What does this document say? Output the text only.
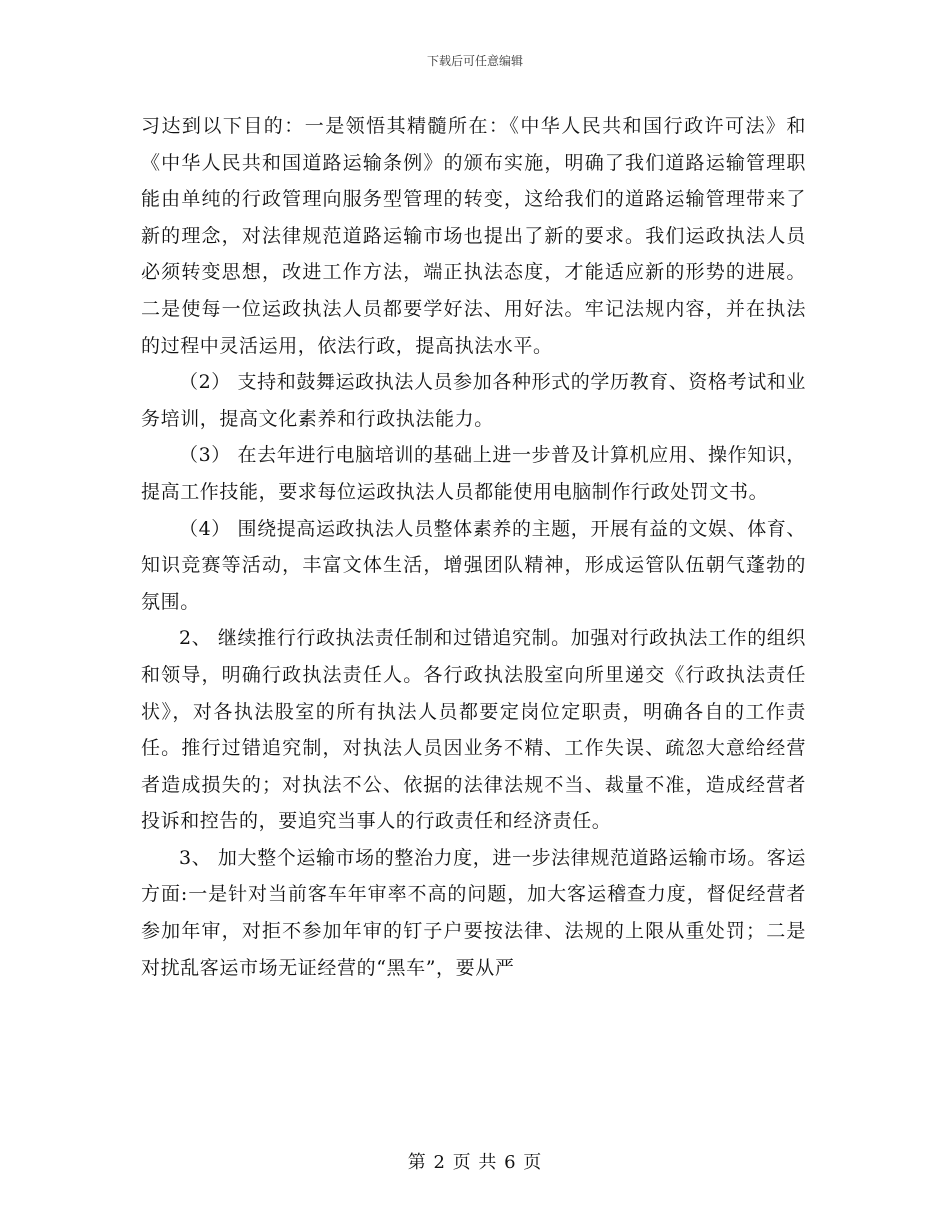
下载后可任意编辑

习达到以下目的：一是领悟其精髓所在：《中华人民共和国行政许可法》和《中华人民共和国道路运输条例》的颁布实施，明确了我们道路运输管理职能由单纯的行政管理向服务型管理的转变，这给我们的道路运输管理带来了新的理念，对法律规范道路运输市场也提出了新的要求。我们运政执法人员必须转变思想，改进工作方法，端正执法态度，才能适应新的形势的进展。二是使每一位运政执法人员都要学好法、用好法。牢记法规内容，并在执法的过程中灵活运用，依法行政，提高执法水平。

（2） 支持和鼓舞运政执法人员参加各种形式的学历教育、资格考试和业务培训，提高文化素养和行政执法能力。

（3） 在去年进行电脑培训的基础上进一步普及计算机应用、操作知识，提高工作技能，要求每位运政执法人员都能使用电脑制作行政处罚文书。

（4） 围绕提高运政执法人员整体素养的主题，开展有益的文娱、体育、知识竞赛等活动，丰富文体生活，增强团队精神，形成运管队伍朝气蓬勃的氛围。

2、 继续推行行政执法责任制和过错追究制。加强对行政执法工作的组织和领导，明确行政执法责任人。各行政执法股室向所里递交《行政执法责任状》，对各执法股室的所有执法人员都要定岗位定职责，明确各自的工作责任。推行过错追究制，对执法人员因业务不精、工作失误、疏忽大意给经营者造成损失的；对执法不公、依据的法律法规不当、裁量不准，造成经营者投诉和控告的，要追究当事人的行政责任和经济责任。

3、 加大整个运输市场的整治力度，进一步法律规范道路运输市场。客运方面:一是针对当前客车年审率不高的问题，加大客运稽查力度，督促经营者参加年审，对拒不参加年审的钉子户要按法律、法规的上限从重处罚；二是对扰乱客运市场无证经营的“黑车”，要从严

第 2 页 共 6 页
